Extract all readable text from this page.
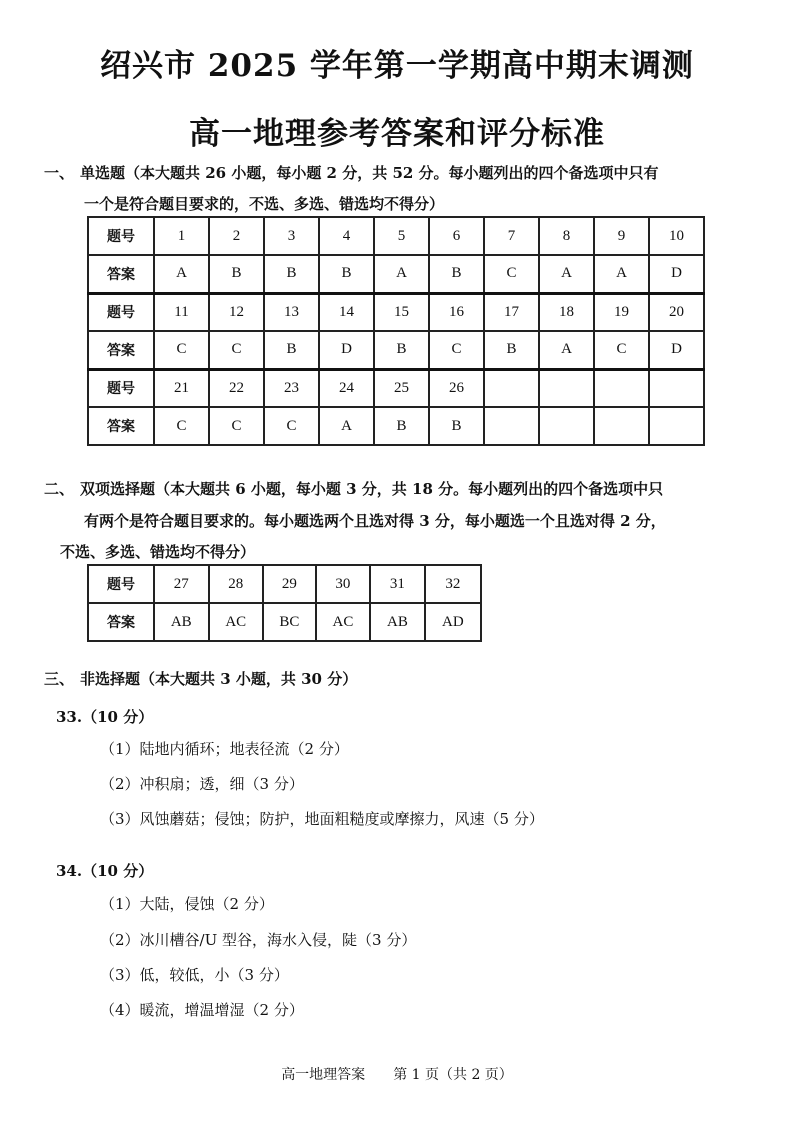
绍兴市 2025 学年第一学期高中期末调测
高一地理参考答案和评分标准
一、 单选题（本大题共 26 小题，每小题 2 分，共 52 分。每小题列出的四个备选项中只有
一个是符合题目要求的，不选、多选、错选均不得分）
题号	1	2	3	4	5	6	7	8	9	10
答案	A	B	B	B	A	B	C	A	A	D
题号	11	12	13	14	15	16	17	18	19	20
答案	C	C	B	D	B	C	B	A	C	D
题号	21	22	23	24	25	26				
答案	C	C	C	A	B	B				
二、 双项选择题（本大题共 6 小题，每小题 3 分，共 18 分。每小题列出的四个备选项中只
有两个是符合题目要求的。每小题选两个且选对得 3 分，每小题选一个且选对得 2 分，
不选、多选、错选均不得分）
题号	27	28	29	30	31	32
答案	AB	AC	BC	AC	AB	AD
三、 非选择题（本大题共 3 小题，共 30 分）
33.（10 分）
（1）陆地内循环；地表径流（2 分）
（2）冲积扇；透，细（3 分）
（3）风蚀蘑菇；侵蚀；防护，地面粗糙度或摩擦力，风速（5 分）
34.（10 分）
（1）大陆，侵蚀（2 分）
（2）冰川槽谷/U 型谷，海水入侵，陡（3 分）
（3）低，较低，小（3 分）
（4）暖流，增温增湿（2 分）
高一地理答案 第 1 页（共 2 页）
